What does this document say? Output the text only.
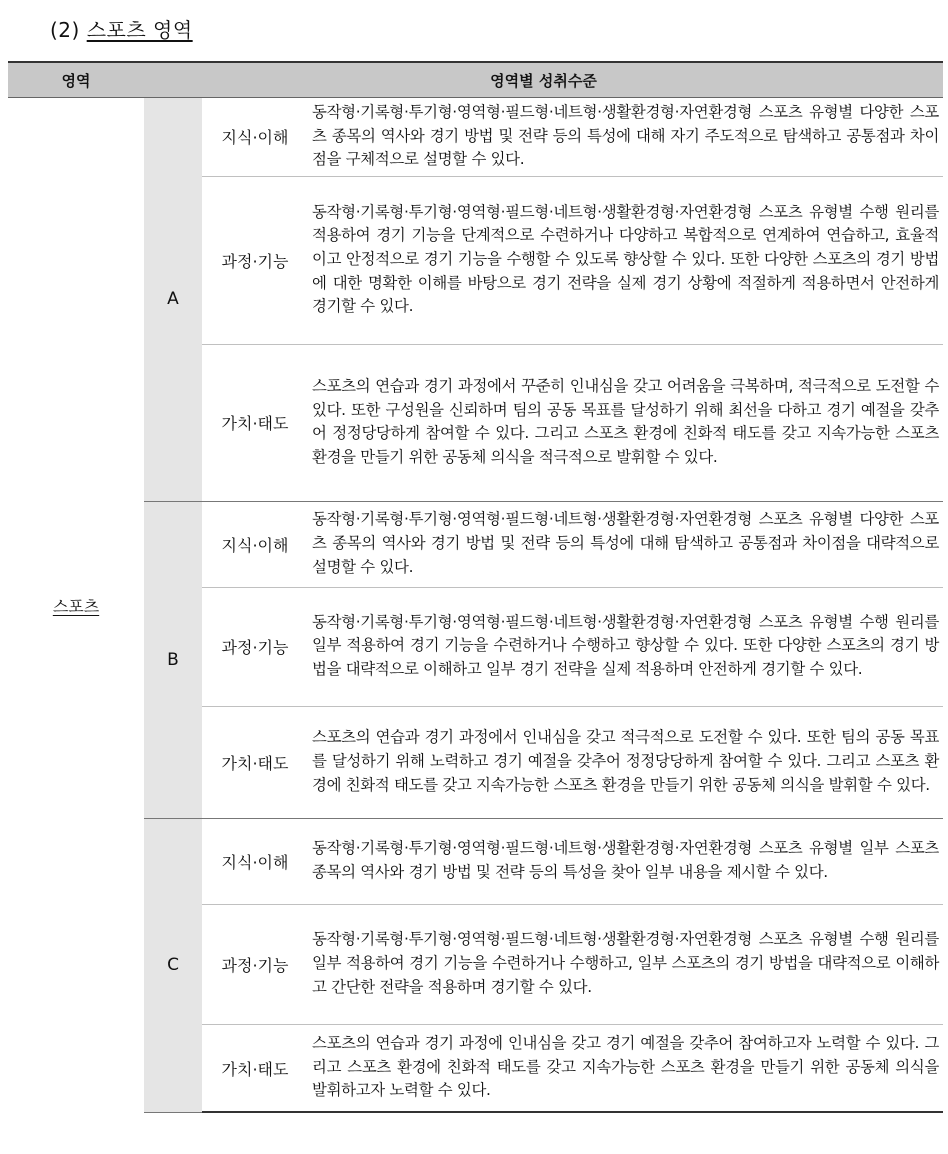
(2) 스포츠 영역
영역	영역별 성취수준		
스포츠	A	지식·이해	동작형·기록형·투기형·영역형·필드형·네트형·생활환경형·자연환경형 스포츠 유형별 다양한 스포츠 종목의 역사와 경기 방법 및 전략 등의 특성에 대해 자기 주도적으로 탐색하고 공통점과 차이점을 구체적으로 설명할 수 있다.
		과정·기능	동작형·기록형·투기형·영역형·필드형·네트형·생활환경형·자연환경형 스포츠 유형별 수행 원리를 적용하여 경기 기능을 단계적으로 수련하거나 다양하고 복합적으로 연계하여 연습하고, 효율적이고 안정적으로 경기 기능을 수행할 수 있도록 향상할 수 있다. 또한 다양한 스포츠의 경기 방법에 대한 명확한 이해를 바탕으로 경기 전략을 실제 경기 상황에 적절하게 적용하면서 안전하게 경기할 수 있다.
		가치·태도	스포츠의 연습과 경기 과정에서 꾸준히 인내심을 갖고 어려움을 극복하며, 적극적으로 도전할 수 있다. 또한 구성원을 신뢰하며 팀의 공동 목표를 달성하기 위해 최선을 다하고 경기 예절을 갖추어 정정당당하게 참여할 수 있다. 그리고 스포츠 환경에 친화적 태도를 갖고 지속가능한 스포츠 환경을 만들기 위한 공동체 의식을 적극적으로 발휘할 수 있다.
	B	지식·이해	동작형·기록형·투기형·영역형·필드형·네트형·생활환경형·자연환경형 스포츠 유형별 다양한 스포츠 종목의 역사와 경기 방법 및 전략 등의 특성에 대해 탐색하고 공통점과 차이점을 대략적으로 설명할 수 있다.
		과정·기능	동작형·기록형·투기형·영역형·필드형·네트형·생활환경형·자연환경형 스포츠 유형별 수행 원리를 일부 적용하여 경기 기능을 수련하거나 수행하고 향상할 수 있다. 또한 다양한 스포츠의 경기 방법을 대략적으로 이해하고 일부 경기 전략을 실제 적용하며 안전하게 경기할 수 있다.
		가치·태도	스포츠의 연습과 경기 과정에서 인내심을 갖고 적극적으로 도전할 수 있다. 또한 팀의 공동 목표를 달성하기 위해 노력하고 경기 예절을 갖추어 정정당당하게 참여할 수 있다. 그리고 스포츠 환경에 친화적 태도를 갖고 지속가능한 스포츠 환경을 만들기 위한 공동체 의식을 발휘할 수 있다.
	C	지식·이해	동작형·기록형·투기형·영역형·필드형·네트형·생활환경형·자연환경형 스포츠 유형별 일부 스포츠 종목의 역사와 경기 방법 및 전략 등의 특성을 찾아 일부 내용을 제시할 수 있다.
		과정·기능	동작형·기록형·투기형·영역형·필드형·네트형·생활환경형·자연환경형 스포츠 유형별 수행 원리를 일부 적용하여 경기 기능을 수련하거나 수행하고, 일부 스포츠의 경기 방법을 대략적으로 이해하고 간단한 전략을 적용하며 경기할 수 있다.
		가치·태도	스포츠의 연습과 경기 과정에 인내심을 갖고 경기 예절을 갖추어 참여하고자 노력할 수 있다. 그리고 스포츠 환경에 친화적 태도를 갖고 지속가능한 스포츠 환경을 만들기 위한 공동체 의식을 발휘하고자 노력할 수 있다.
